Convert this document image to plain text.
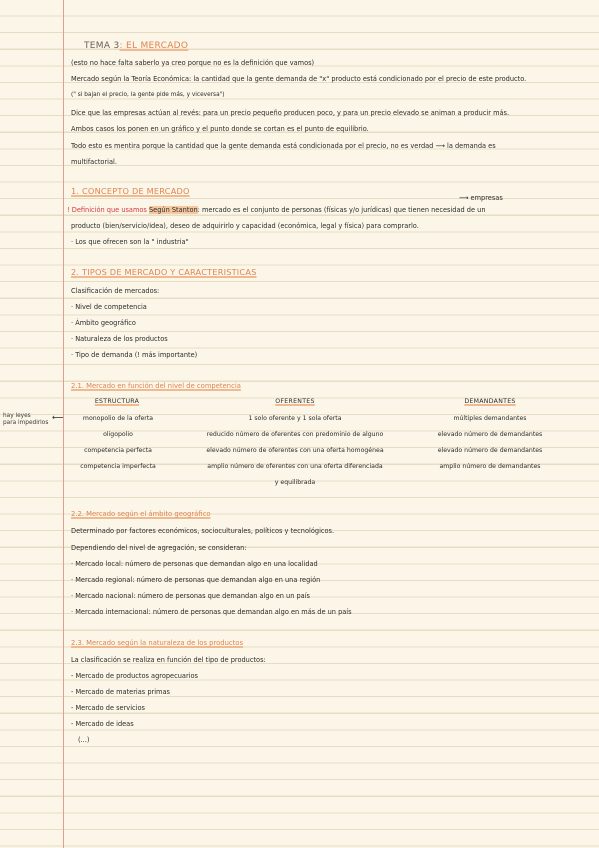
TEMA 3: EL MERCADO
(esto no hace falta saberlo ya creo porque no es la definición que vamos)
Mercado según la Teoría Económica: la cantidad que la gente demanda de "x" producto está condicionado por el precio de este producto.
(" si bajan el precio, la gente pide más, y viceversa")
Dice que las empresas actúan al revés: para un precio pequeño producen poco, y para un precio elevado se animan a producir más.
Ambos casos los ponen en un gráfico y el punto donde se cortan es el punto de equilibrio.
Todo esto es mentira porque la cantidad que la gente demanda está condicionada por el precio, no es verdad ⟶ la demanda es
multifactorial.
1. CONCEPTO DE MERCADO
⟶ empresas
! Definición que usamos Según Stanton: mercado es el conjunto de personas (físicas y/o jurídicas) que tienen necesidad de un
producto (bien/servicio/idea), deseo de adquirirlo y capacidad (económica, legal y física) para comprarlo.
· Los que ofrecen son la " industria"
2. TIPOS DE MERCADO Y CARACTERISTICAS
Clasificación de mercados:
· Nivel de competencia
· Ámbito geográfico
· Naturaleza de los productos
· Tipo de demanda (! más importante)
2.1. Mercado en función del nivel de competencia
ESTRUCTURA	OFERENTES	DEMANDANTES
hay leyes
para impedirlos
⟵	monopolio de la oferta	1 solo oferente y 1 sola oferta	múltiples demandantes
oligopolio	reducido número de oferentes con predominio de alguno	elevado número de demandantes
competencia perfecta	elevado número de oferentes con una oferta homogénea	elevado número de demandantes
competencia imperfecta	amplio número de oferentes con una oferta diferenciada	amplio número de demandantes
y equilibrada
2.2. Mercado según el ámbito geográfico
Determinado por factores económicos, socioculturales, políticos y tecnológicos.
Dependiendo del nivel de agregación, se consideran:
· Mercado local: número de personas que demandan algo en una localidad
· Mercado regional: número de personas que demandan algo en una región
· Mercado nacional: número de personas que demandan algo en un país
· Mercado internacional: número de personas que demandan algo en más de un país
2.3. Mercado según la naturaleza de los productos
La clasificación se realiza en función del tipo de productos:
- Mercado de productos agropecuarios
- Mercado de materias primas
- Mercado de servicios
- Mercado de ideas
(...)
